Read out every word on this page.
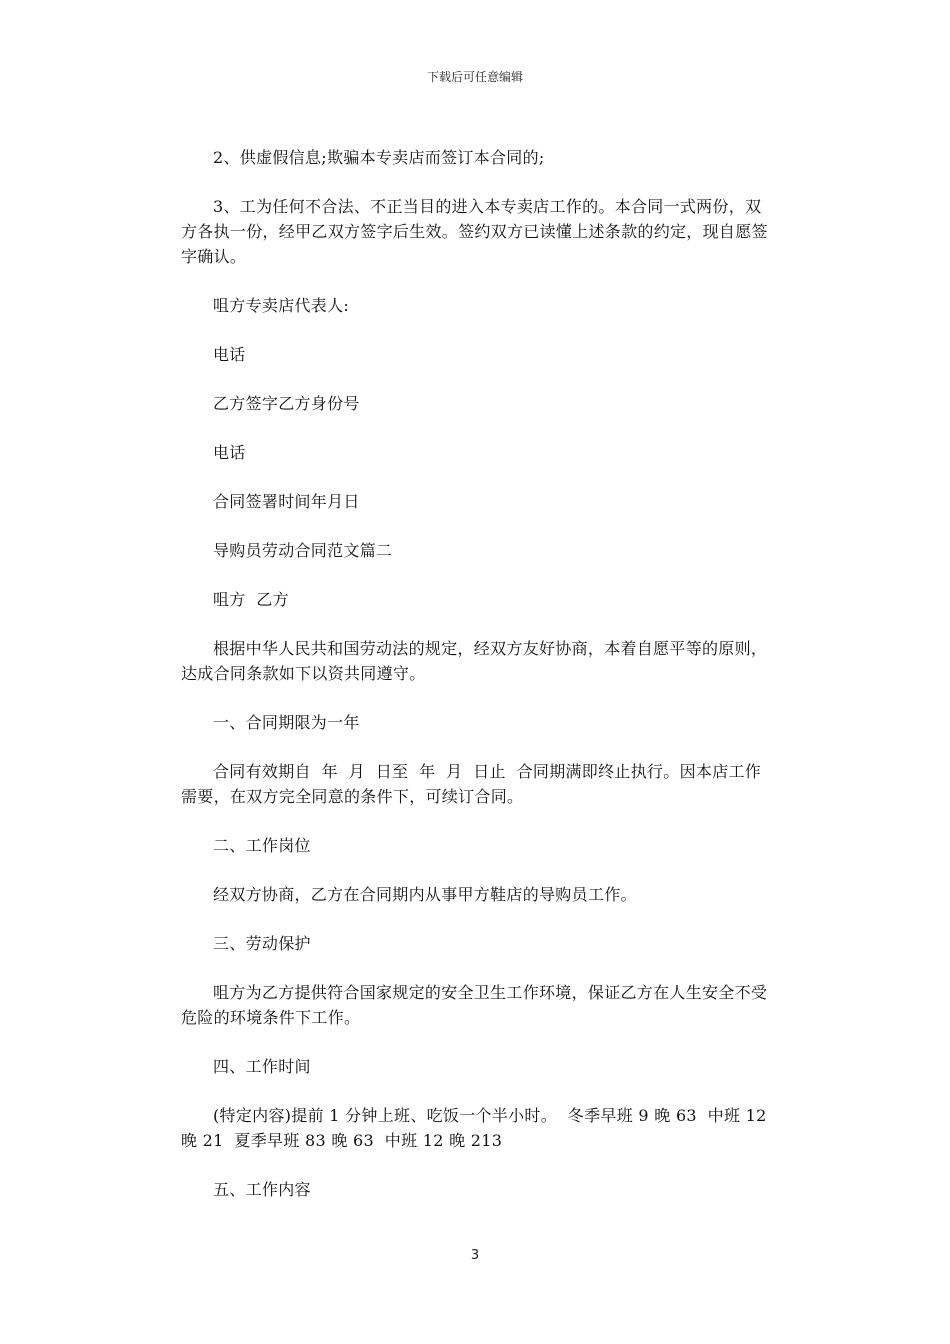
下载后可任意编辑

2、供虚假信息;欺骗本专卖店而签订本合同的;

3、工为任何不合法、不正当目的进入本专卖店工作的。本合同一式两份，双方各执一份，经甲乙双方签字后生效。签约双方已读懂上述条款的约定，现自愿签字确认。

咀方专卖店代表人:

电话

乙方签字乙方身份号

电话

合同签署时间年月日

导购员劳动合同范文篇二

咀方  乙方

根据中华人民共和国劳动法的规定，经双方友好协商，本着自愿平等的原则，达成合同条款如下以资共同遵守。

一、合同期限为一年

合同有效期自  年  月  日至  年  月  日止  合同期满即终止执行。因本店工作需要，在双方完全同意的条件下，可续订合同。

二、工作岗位

经双方协商，乙方在合同期内从事甲方鞋店的导购员工作。

三、劳动保护

咀方为乙方提供符合国家规定的安全卫生工作环境，保证乙方在人生安全不受危险的环境条件下工作。

四、工作时间

(特定内容)提前 1 分钟上班、吃饭一个半小时。  冬季早班 9 晚 63  中班 12 晚 21  夏季早班 83 晚 63  中班 12 晚 213

五、工作内容

3
